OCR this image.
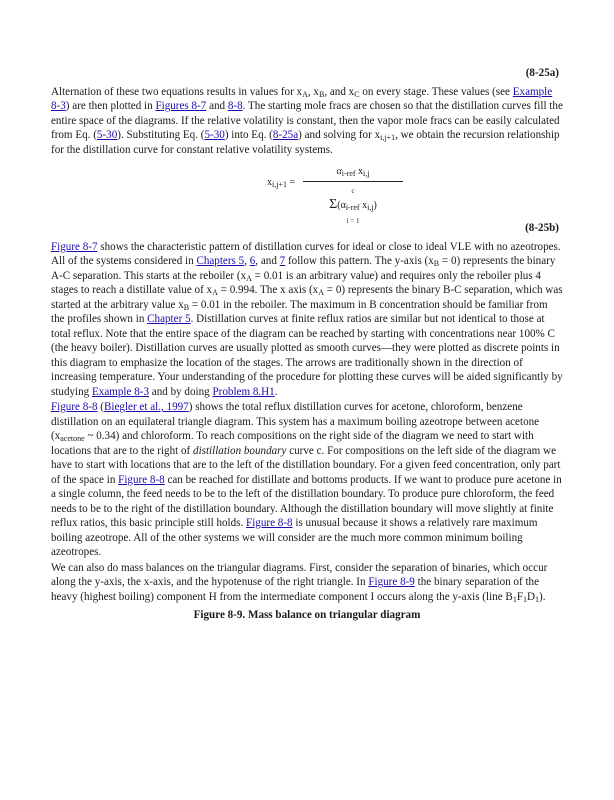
(8-25a)

Alternation of these two equations results in values for $x_A$, $x_B$, and $x_C$ on every stage. These values (see Example 8-3) are then plotted in Figures 8-7 and 8-8. The starting mole fracs are chosen so that the distillation curves fill the entire space of the diagrams. If the relative volatility is constant, then the vapor mole fracs can be easily calculated from Eq. (5-30). Substituting Eq. (5-30) into Eq. (8-25a) and solving for $x_{i,j+1}$, we obtain the recursion relationship for the distillation curve for constant relative volatility systems.

$x_{i,j+1}$ =
$\alpha_{i-ref}$ $x_{i,j}$
c
$\Sigma(\alpha_{i-ref}$ $x_{i,j}$)
i = 1
(8-25b)

Figure 8-7 shows the characteristic pattern of distillation curves for ideal or close to ideal VLE with no azeotropes. All of the systems considered in Chapters 5, 6, and 7 follow this pattern. The y-axis $(x_B = 0)$ represents the binary A-C separation. This starts at the reboiler ($x_A = 0.01$ is an arbitrary value) and requires only the reboiler plus 4 stages to reach a distillate value of $x_A = 0.994$. The x axis $(x_A = 0)$ represents the binary B-C separation, which was started at the arbitrary value $x_B = 0.01$ in the reboiler. The maximum in B concentration should be familiar from the profiles shown in Chapter 5. Distillation curves at finite reflux ratios are similar but not identical to those at total reflux. Note that the entire space of the diagram can be reached by starting with concentrations near 100% C (the heavy boiler). Distillation curves are usually plotted as smooth curves—they were plotted as discrete points in this diagram to emphasize the location of the stages. The arrows are traditionally shown in the direction of increasing temperature. Your understanding of the procedure for plotting these curves will be aided significantly by studying Example 8-3 and by doing Problem 8.H1.

Figure 8-8 (Biegler et al., 1997) shows the total reflux distillation curves for acetone, chloroform, benzene distillation on an equilateral triangle diagram. This system has a maximum boiling azeotrope between acetone ($x_{acetone}$ ~ 0.34) and chloroform. To reach compositions on the right side of the diagram we need to start with locations that are to the right of distillation boundary curve c. For compositions on the left side of the diagram we have to start with locations that are to the left of the distillation boundary. For a given feed concentration, only part of the space in Figure 8-8 can be reached for distillate and bottoms products. If we want to produce pure acetone in a single column, the feed needs to be to the left of the distillation boundary. To produce pure chloroform, the feed needs to be to the right of the distillation boundary. Although the distillation boundary will move slightly at finite reflux ratios, this basic principle still holds. Figure 8-8 is unusual because it shows a relatively rare maximum boiling azeotrope. All of the other systems we will consider are the much more common minimum boiling azeotropes.

We can also do mass balances on the triangular diagrams. First, consider the separation of binaries, which occur along the y-axis, the x-axis, and the hypotenuse of the right triangle. In Figure 8-9 the binary separation of the heavy (highest boiling) component H from the intermediate component I occurs along the y-axis (line $B_1F_1D_1$).

Figure 8-9. Mass balance on triangular diagram
